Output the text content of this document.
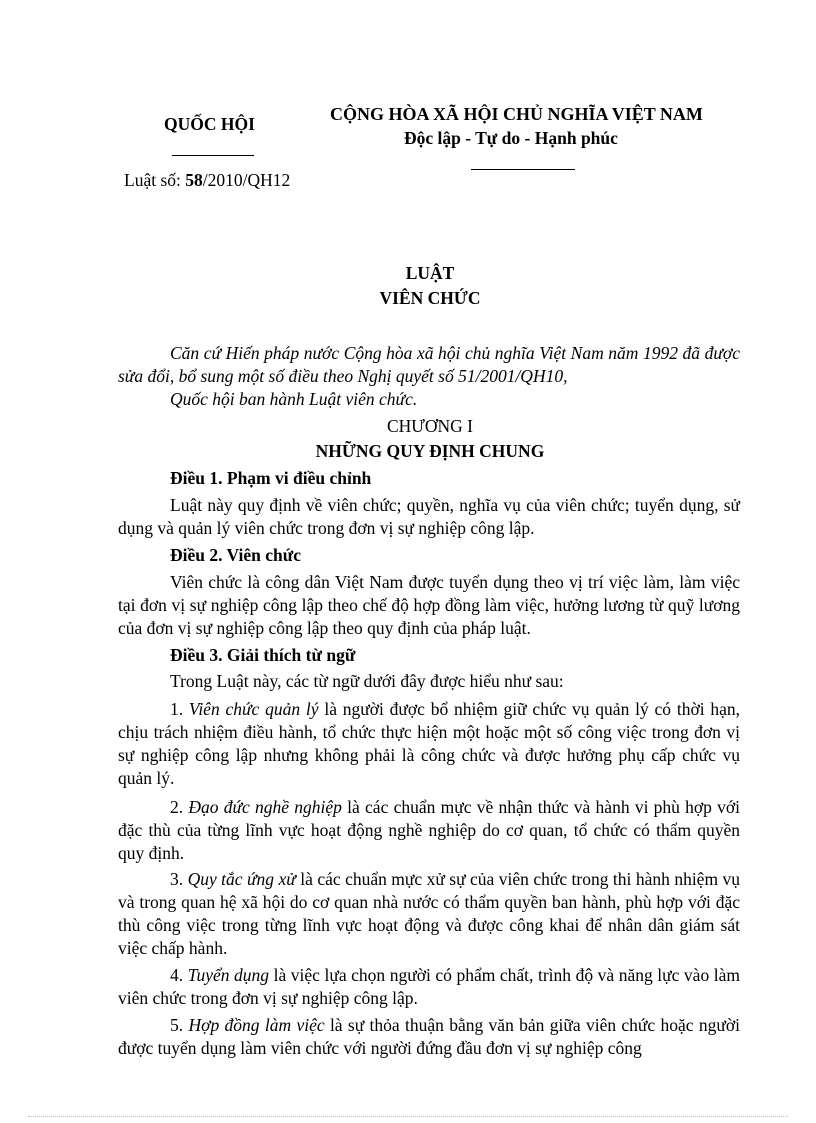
QUỐC HỘI
Luật số: 58/2010/QH12
CỘNG HÒA XÃ HỘI CHỦ NGHĨA VIỆT NAM
Độc lập - Tự do - Hạnh phúc
LUẬT
VIÊN CHỨC
Căn cứ Hiến pháp nước Cộng hòa xã hội chủ nghĩa Việt Nam năm 1992 đã được sửa đổi, bổ sung một số điều theo Nghị quyết số 51/2001/QH10,
Quốc hội ban hành Luật viên chức.
CHƯƠNG I
NHỮNG QUY ĐỊNH CHUNG
Điều 1. Phạm vi điều chỉnh
Luật này quy định về viên chức; quyền, nghĩa vụ của viên chức; tuyển dụng, sử dụng và quản lý viên chức trong đơn vị sự nghiệp công lập.
Điều 2. Viên chức
Viên chức là công dân Việt Nam được tuyển dụng theo vị trí việc làm, làm việc tại đơn vị sự nghiệp công lập theo chế độ hợp đồng làm việc, hưởng lương từ quỹ lương của đơn vị sự nghiệp công lập theo quy định của pháp luật.
Điều 3. Giải thích từ ngữ
Trong Luật này, các từ ngữ dưới đây được hiểu như sau:
1. Viên chức quản lý là người được bổ nhiệm giữ chức vụ quản lý có thời hạn, chịu trách nhiệm điều hành, tổ chức thực hiện một hoặc một số công việc trong đơn vị sự nghiệp công lập nhưng không phải là công chức và được hưởng phụ cấp chức vụ quản lý.
2. Đạo đức nghề nghiệp là các chuẩn mực về nhận thức và hành vi phù hợp với đặc thù của từng lĩnh vực hoạt động nghề nghiệp do cơ quan, tổ chức có thẩm quyền quy định.
3. Quy tắc ứng xử là các chuẩn mực xử sự của viên chức trong thi hành nhiệm vụ và trong quan hệ xã hội do cơ quan nhà nước có thẩm quyền ban hành, phù hợp với đặc thù công việc trong từng lĩnh vực hoạt động và được công khai để nhân dân giám sát việc chấp hành.
4. Tuyển dụng là việc lựa chọn người có phẩm chất, trình độ và năng lực vào làm viên chức trong đơn vị sự nghiệp công lập.
5. Hợp đồng làm việc là sự thỏa thuận bằng văn bản giữa viên chức hoặc người được tuyển dụng làm viên chức với người đứng đầu đơn vị sự nghiệp công
